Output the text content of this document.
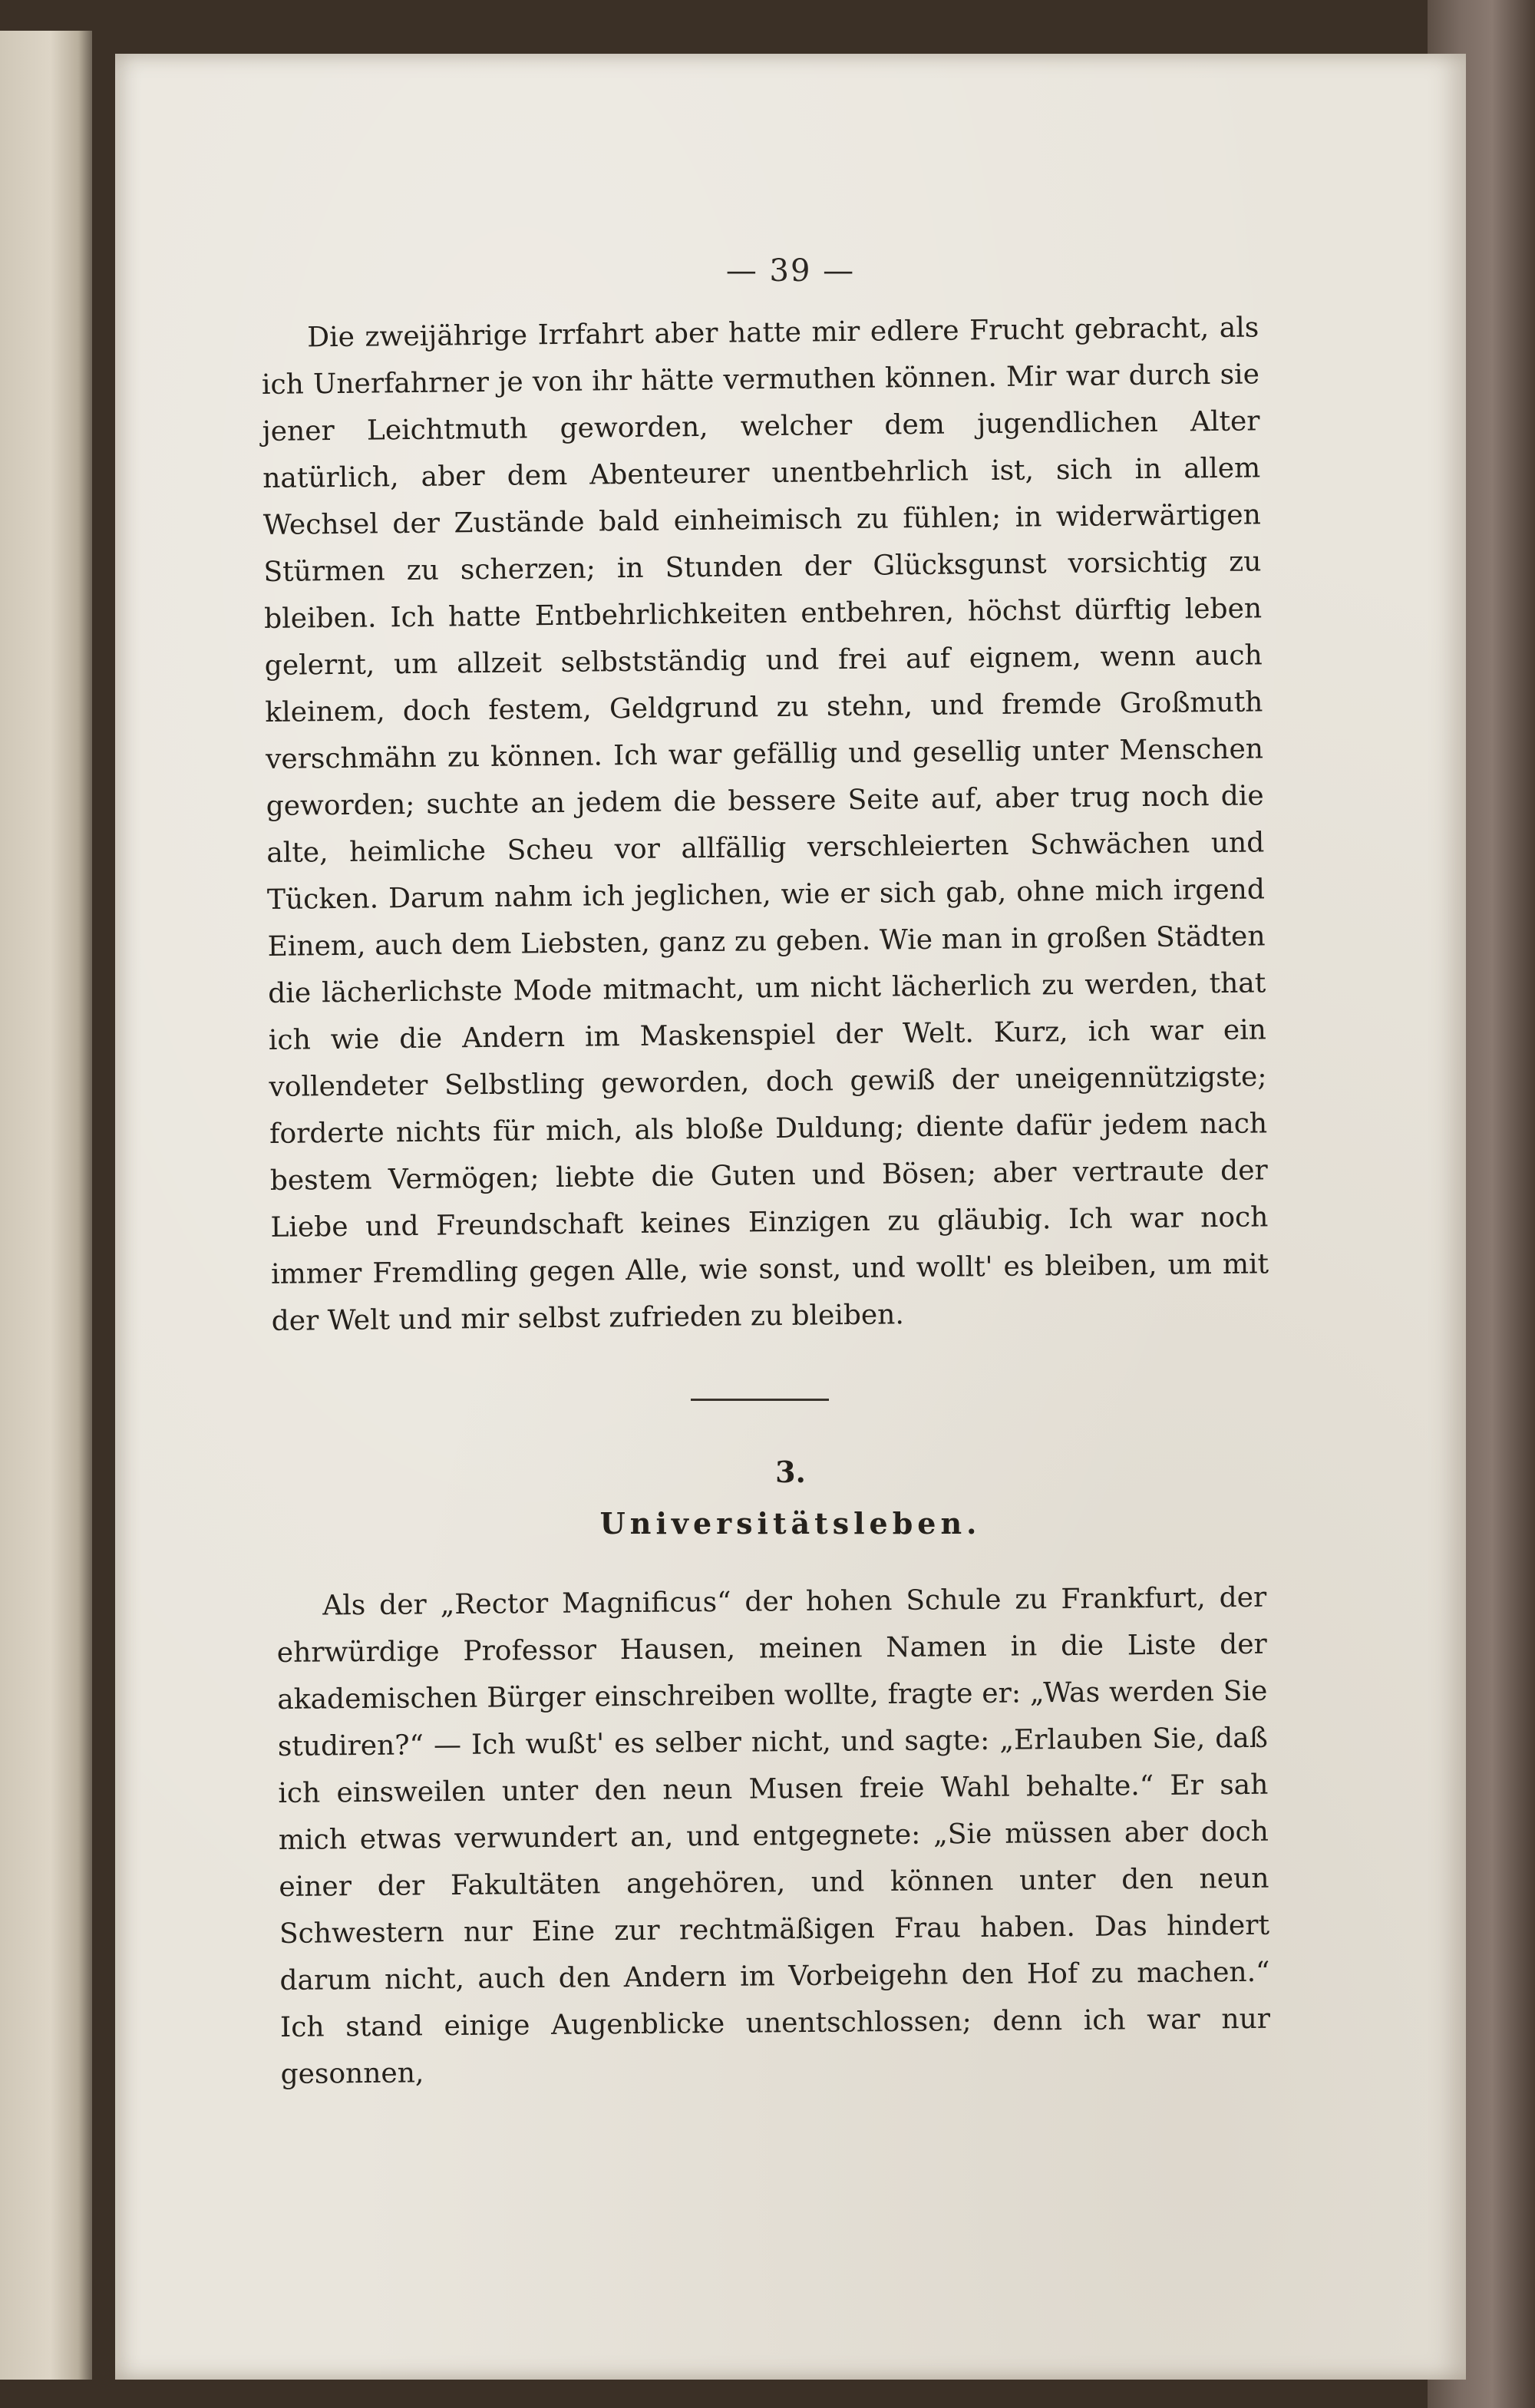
— 39 —

Die zweijährige Irrfahrt aber hatte mir edlere Frucht gebracht, als ich Unerfahrner je von ihr hätte vermuthen können. Mir war durch sie jener Leichtmuth geworden, welcher dem jugendlichen Alter natürlich, aber dem Abenteurer unentbehrlich ist, sich in allem Wechsel der Zustände bald einheimisch zu fühlen; in widerwärtigen Stürmen zu scherzen; in Stunden der Glücksgunst vorsichtig zu bleiben. Ich hatte Entbehrlichkeiten entbehren, höchst dürftig leben gelernt, um allzeit selbstständig und frei auf eignem, wenn auch kleinem, doch festem, Geldgrund zu stehn, und fremde Großmuth verschmähn zu können. Ich war gefällig und gesellig unter Menschen geworden; suchte an jedem die bessere Seite auf, aber trug noch die alte, heimliche Scheu vor allfällig verschleierten Schwächen und Tücken. Darum nahm ich jeglichen, wie er sich gab, ohne mich irgend Einem, auch dem Liebsten, ganz zu geben. Wie man in großen Städten die lächerlichste Mode mitmacht, um nicht lächerlich zu werden, that ich wie die Andern im Maskenspiel der Welt. Kurz, ich war ein vollendeter Selbstling geworden, doch gewiß der uneigennützigste; forderte nichts für mich, als bloße Duldung; diente dafür jedem nach bestem Vermögen; liebte die Guten und Bösen; aber vertraute der Liebe und Freundschaft keines Einzigen zu gläubig. Ich war noch immer Fremdling gegen Alle, wie sonst, und wollt' es bleiben, um mit der Welt und mir selbst zufrieden zu bleiben.

3.
Universitätsleben.

Als der „Rector Magnificus“ der hohen Schule zu Frankfurt, der ehrwürdige Professor Hausen, meinen Namen in die Liste der akademischen Bürger einschreiben wollte, fragte er: „Was werden Sie studiren?“ — Ich wußt' es selber nicht, und sagte: „Erlauben Sie, daß ich einsweilen unter den neun Musen freie Wahl behalte.“ Er sah mich etwas verwundert an, und entgegnete: „Sie müssen aber doch einer der Fakultäten angehören, und können unter den neun Schwestern nur Eine zur rechtmäßigen Frau haben. Das hindert darum nicht, auch den Andern im Vorbeigehn den Hof zu machen.“ Ich stand einige Augenblicke unentschlossen; denn ich war nur gesonnen,
